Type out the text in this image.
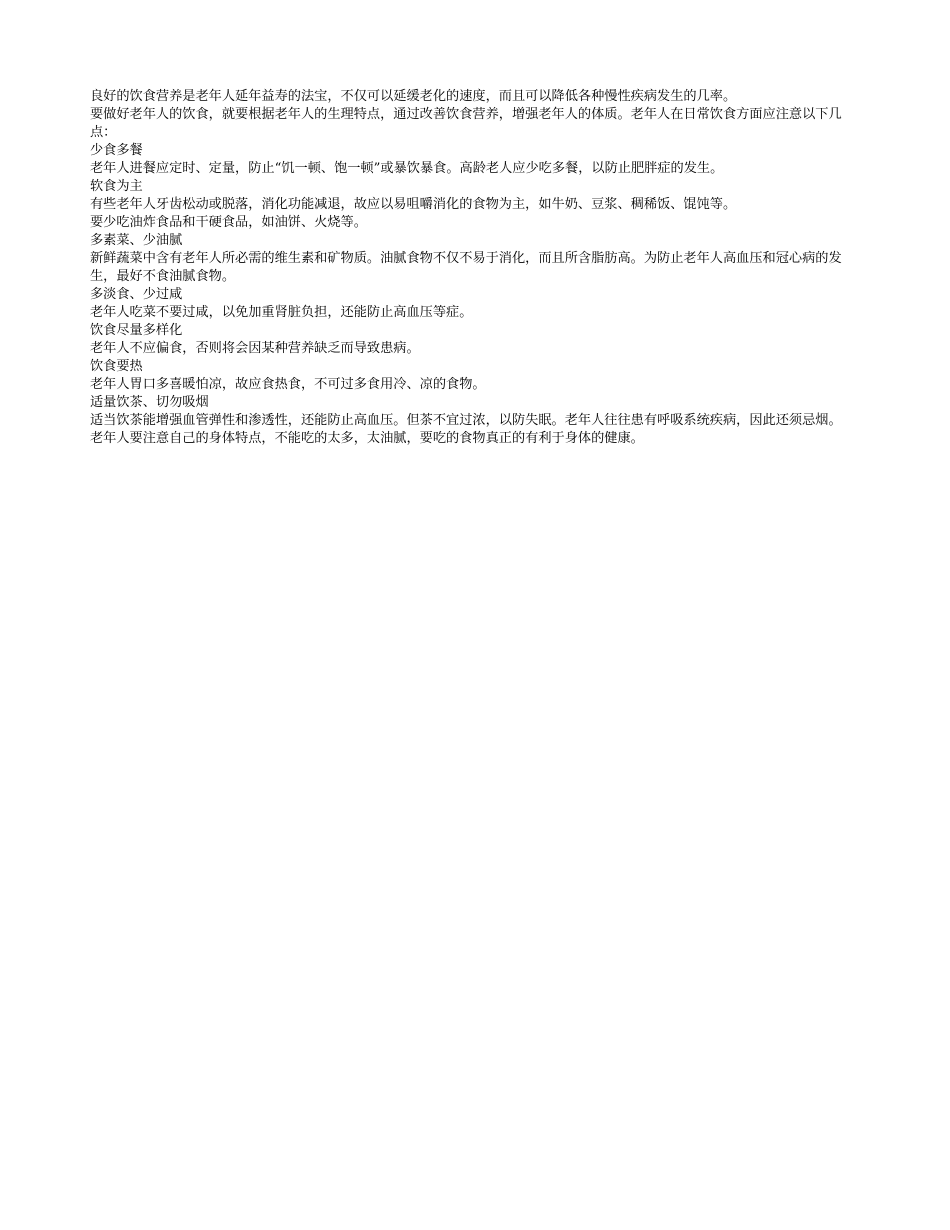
良好的饮食营养是老年人延年益寿的法宝，不仅可以延缓老化的速度，而且可以降低各种慢性疾病发生的几率。

要做好老年人的饮食，就要根据老年人的生理特点，通过改善饮食营养，增强老年人的体质。老年人在日常饮食方面应注意以下几点：

少食多餐

老年人进餐应定时、定量，防止“饥一顿、饱一顿”或暴饮暴食。高龄老人应少吃多餐，以防止肥胖症的发生。

软食为主

有些老年人牙齿松动或脱落，消化功能减退，故应以易咀嚼消化的食物为主，如牛奶、豆浆、稠稀饭、馄饨等。

要少吃油炸食品和干硬食品，如油饼、火烧等。

多素菜、少油腻

新鲜蔬菜中含有老年人所必需的维生素和矿物质。油腻食物不仅不易于消化，而且所含脂肪高。为防止老年人高血压和冠心病的发生，最好不食油腻食物。

多淡食、少过咸

老年人吃菜不要过咸，以免加重肾脏负担，还能防止高血压等症。

饮食尽量多样化

老年人不应偏食，否则将会因某种营养缺乏而导致患病。

饮食要热

老年人胃口多喜暖怕凉，故应食热食，不可过多食用冷、凉的食物。

适量饮茶、切勿吸烟

适当饮茶能增强血管弹性和渗透性，还能防止高血压。但茶不宜过浓，以防失眠。老年人往往患有呼吸系统疾病，因此还须忌烟。

老年人要注意自己的身体特点，不能吃的太多，太油腻，要吃的食物真正的有利于身体的健康。
